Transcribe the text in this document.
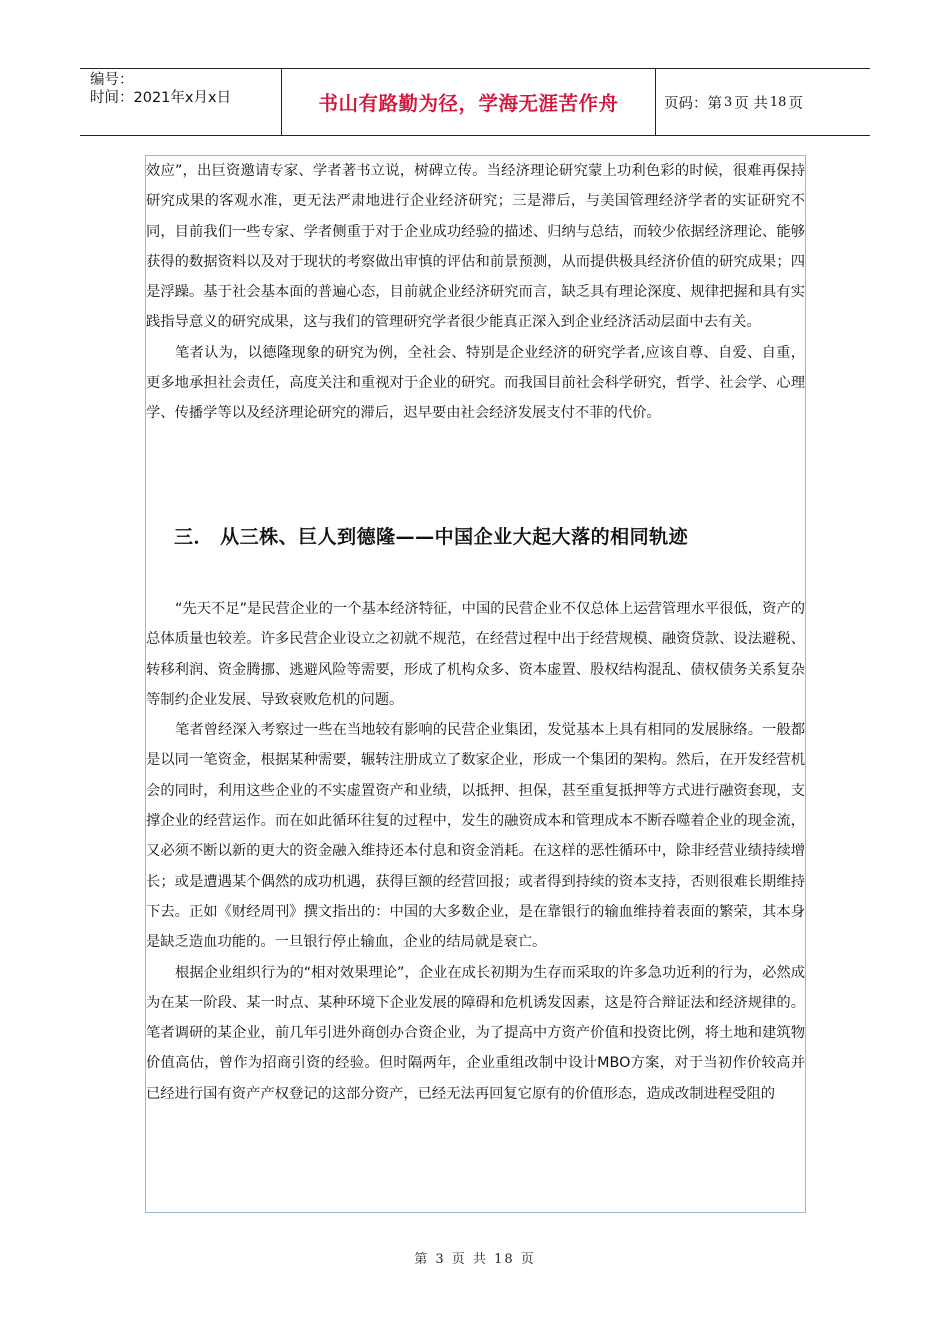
编号：
时间：2021年x月x日	书山有路勤为径，学海无涯苦作舟	页码：第 3 页 共 18 页

效应”，出巨资邀请专家、学者著书立说，树碑立传。当经济理论研究蒙上功利色彩的时候，很难再保持研究成果的客观水准，更无法严肃地进行企业经济研究；三是滞后，与美国管理经济学者的实证研究不同，目前我们一些专家、学者侧重于对于企业成功经验的描述、归纳与总结，而较少依据经济理论、能够获得的数据资料以及对于现状的考察做出审慎的评估和前景预测，从而提供极具经济价值的研究成果；四是浮躁。基于社会基本面的普遍心态，目前就企业经济研究而言，缺乏具有理论深度、规律把握和具有实践指导意义的研究成果，这与我们的管理研究学者很少能真正深入到企业经济活动层面中去有关。

笔者认为，以德隆现象的研究为例，全社会、特别是企业经济的研究学者,应该自尊、自爱、自重，更多地承担社会责任，高度关注和重视对于企业的研究。而我国目前社会科学研究，哲学、社会学、心理学、传播学等以及经济理论研究的滞后，迟早要由社会经济发展支付不菲的代价。

三． 从三株、巨人到德隆——中国企业大起大落的相同轨迹

“先天不足”是民营企业的一个基本经济特征，中国的民营企业不仅总体上运营管理水平很低，资产的总体质量也较差。许多民营企业设立之初就不规范，在经营过程中出于经营规模、融资贷款、设法避税、转移利润、资金腾挪、逃避风险等需要，形成了机构众多、资本虚置、股权结构混乱、债权债务关系复杂等制约企业发展、导致衰败危机的问题。

笔者曾经深入考察过一些在当地较有影响的民营企业集团，发觉基本上具有相同的发展脉络。一般都是以同一笔资金，根据某种需要，辗转注册成立了数家企业，形成一个集团的架构。然后，在开发经营机会的同时，利用这些企业的不实虚置资产和业绩，以抵押、担保，甚至重复抵押等方式进行融资套现，支撑企业的经营运作。而在如此循环往复的过程中，发生的融资成本和管理成本不断吞噬着企业的现金流，又必须不断以新的更大的资金融入维持还本付息和资金消耗。在这样的恶性循环中，除非经营业绩持续增长；或是遭遇某个偶然的成功机遇，获得巨额的经营回报；或者得到持续的资本支持，否则很难长期维持下去。正如《财经周刊》撰文指出的：中国的大多数企业，是在靠银行的输血维持着表面的繁荣，其本身是缺乏造血功能的。一旦银行停止输血，企业的结局就是衰亡。

根据企业组织行为的“相对效果理论”，企业在成长初期为生存而采取的许多急功近利的行为，必然成为在某一阶段、某一时点、某种环境下企业发展的障碍和危机诱发因素，这是符合辩证法和经济规律的。笔者调研的某企业，前几年引进外商创办合资企业，为了提高中方资产价值和投资比例，将土地和建筑物价值高估，曾作为招商引资的经验。但时隔两年，企业重组改制中设计MBO方案，对于当初作价较高并已经进行国有资产产权登记的这部分资产，已经无法再回复它原有的价值形态，造成改制进程受阻的

第 3 页 共 18 页
